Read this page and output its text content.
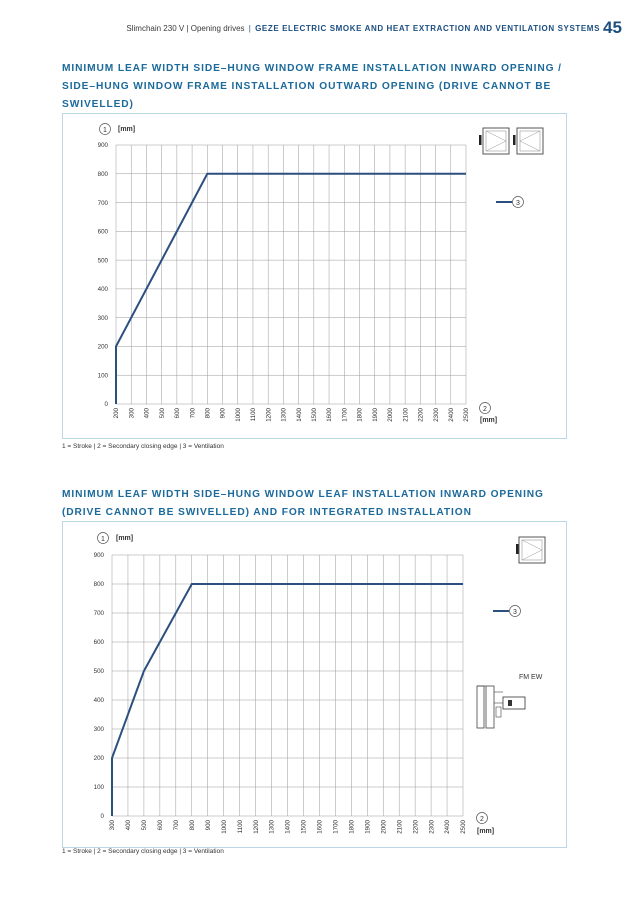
Slimchain 230 V | Opening drives | GEZE ELECTRIC SMOKE AND HEAT EXTRACTION AND VENTILATION SYSTEMS 45
MINIMUM LEAF WIDTH SIDE–HUNG WINDOW FRAME INSTALLATION INWARD OPENING / SIDE–HUNG WINDOW FRAME INSTALLATION OUTWARD OPENING (DRIVE CANNOT BE SWIVELLED)
0
100
200
300
400
500
600
700
800
900
200 300 400 500 600 700 800 900 1000 1100 1200 1300 1400 1500 1600 1700 1800 1900 2000 2100 2200 2300 2400 2500
1 [mm]
2
[mm]
3
1 = Stroke | 2 = Secondary closing edge | 3 = Ventilation
MINIMUM LEAF WIDTH SIDE–HUNG WINDOW LEAF INSTALLATION INWARD OPENING (DRIVE CANNOT BE SWIVELLED) AND FOR INTEGRATED INSTALLATION
0
100
200
300
400
500
600
700
800
900
300 400 500 600 700 800 900 1000 1100 1200 1300 1400 1500 1600 1700 1800 1900 2000 2100 2200 2300 2400 2500
1 [mm]
2
[mm]
3
FM EW
1 = Stroke | 2 = Secondary closing edge | 3 = Ventilation
